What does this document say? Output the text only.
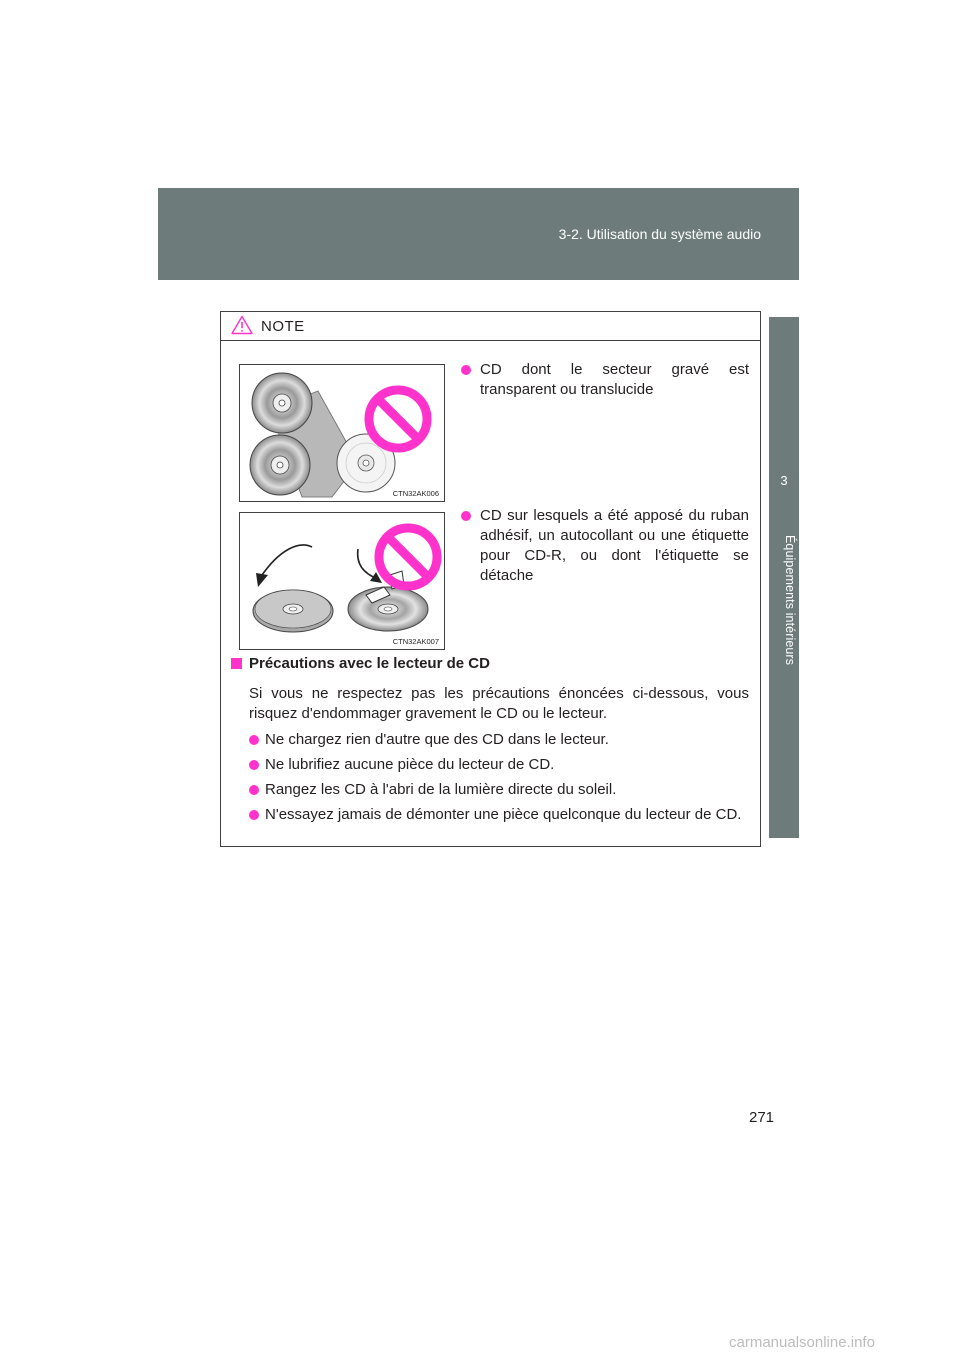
3-2. Utilisation du système audio
3
Équipements intérieurs
NOTE
CTN32AK006
CD dont le secteur gravé est transparent ou translucide
CTN32AK007
CD sur lesquels a été apposé du ruban adhésif, un autocollant ou une étiquette pour CD-R, ou dont l'étiquette se détache
Précautions avec le lecteur de CD

Si vous ne respectez pas les précautions énoncées ci-dessous, vous risquez d'endommager gravement le CD ou le lecteur.

Ne chargez rien d'autre que des CD dans le lecteur.
Ne lubrifiez aucune pièce du lecteur de CD.
Rangez les CD à l'abri de la lumière directe du soleil.
N'essayez jamais de démonter une pièce quelconque du lecteur de CD.
271
carmanualsonline.info
